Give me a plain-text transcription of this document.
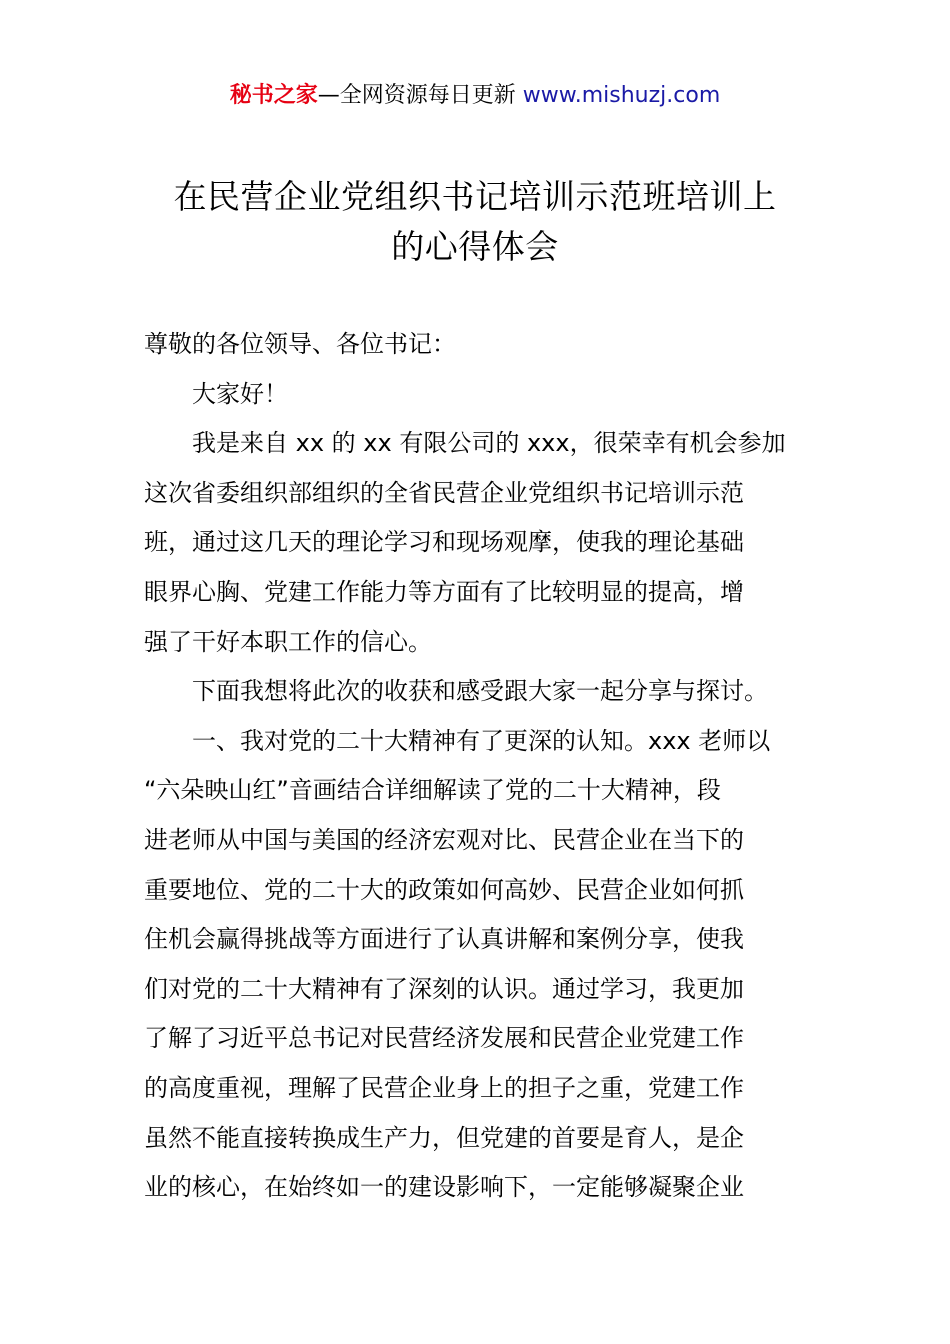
秘书之家—全网资源每日更新 www.mishuzj.com
在民营企业党组织书记培训示范班培训上
的心得体会
尊敬的各位领导、各位书记：
大家好！
我是来自 xx 的 xx 有限公司的 xxx，很荣幸有机会参加
这次省委组织部组织的全省民营企业党组织书记培训示范
班，通过这几天的理论学习和现场观摩，使我的理论基础
眼界心胸、党建工作能力等方面有了比较明显的提高，增
强了干好本职工作的信心。
下面我想将此次的收获和感受跟大家一起分享与探讨。
一、我对党的二十大精神有了更深的认知。xxx 老师以
“六朵映山红”音画结合详细解读了党的二十大精神，段
进老师从中国与美国的经济宏观对比、民营企业在当下的
重要地位、党的二十大的政策如何高妙、民营企业如何抓
住机会赢得挑战等方面进行了认真讲解和案例分享，使我
们对党的二十大精神有了深刻的认识。通过学习，我更加
了解了习近平总书记对民营经济发展和民营企业党建工作
的高度重视，理解了民营企业身上的担子之重，党建工作
虽然不能直接转换成生产力，但党建的首要是育人，是企
业的核心，在始终如一的建设影响下，一定能够凝聚企业
